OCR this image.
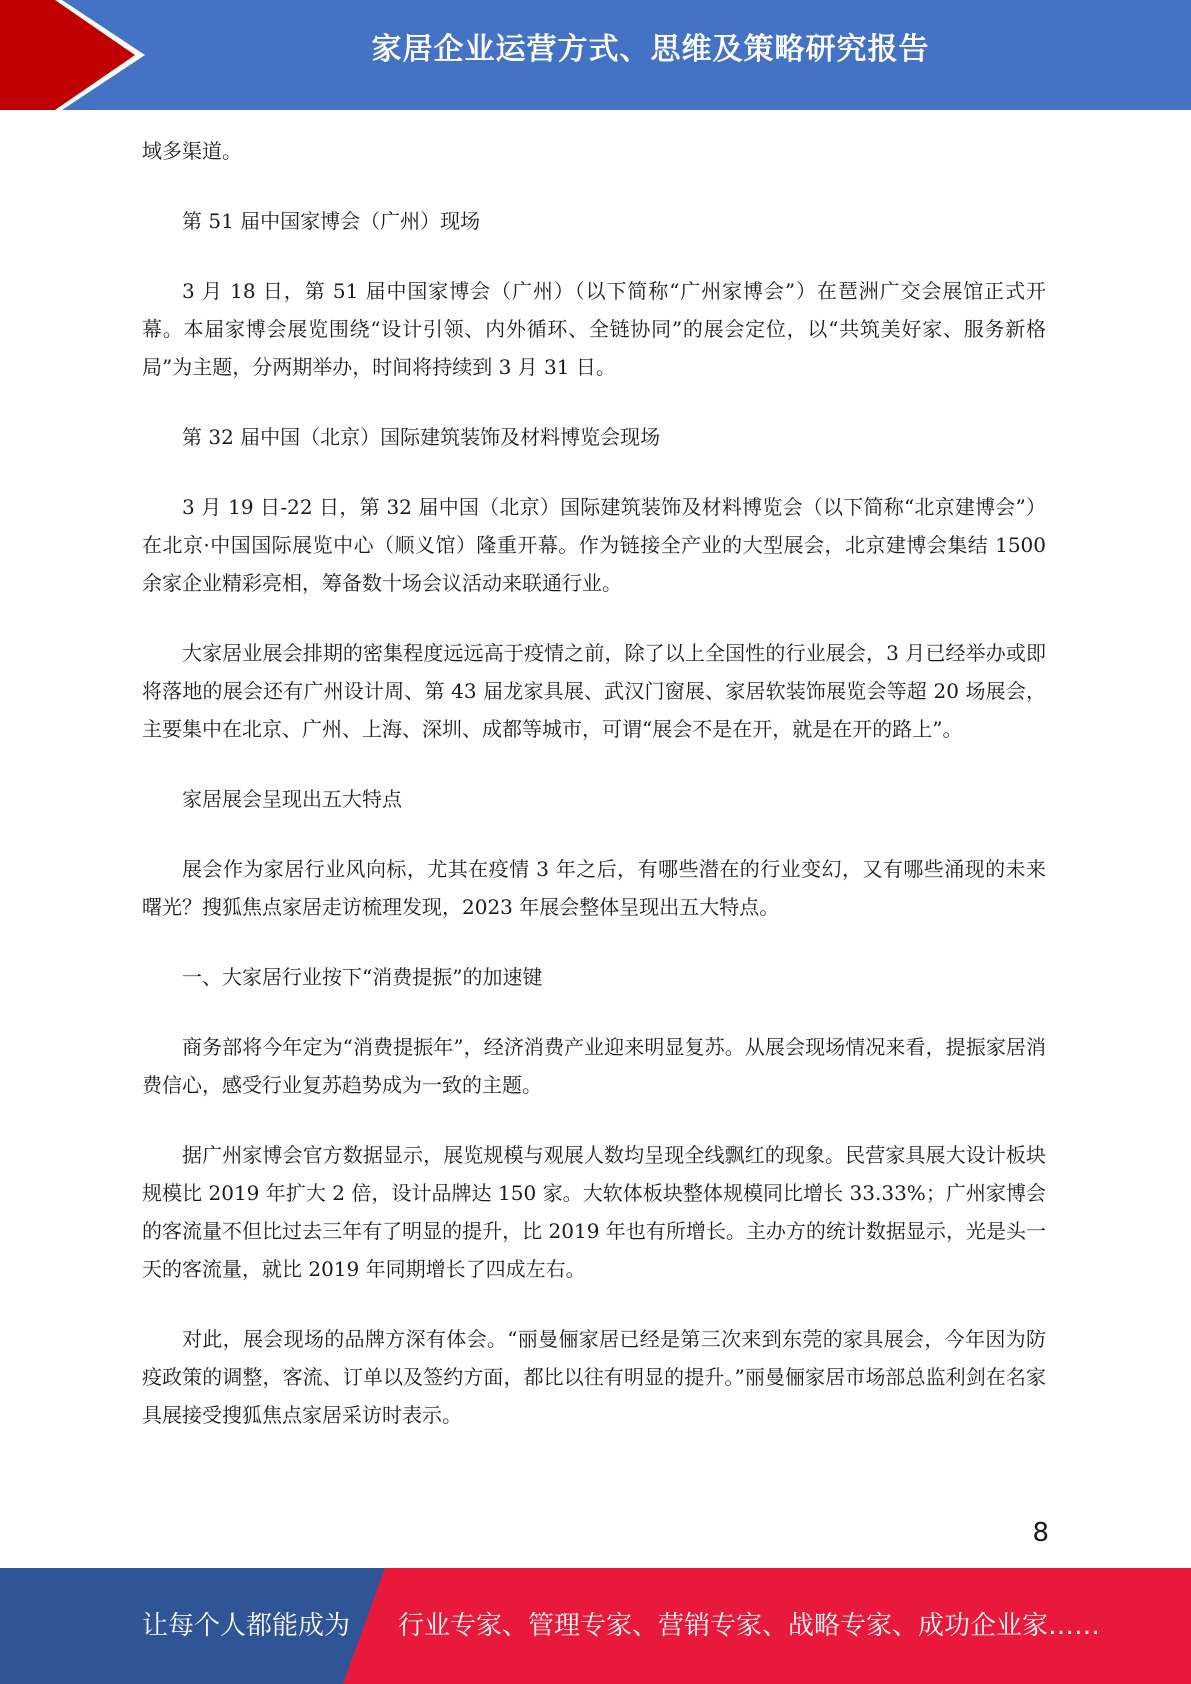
家居企业运营方式、思维及策略研究报告

域多渠道。

第 51 届中国家博会（广州）现场

3 月 18 日，第 51 届中国家博会（广州）（以下简称“广州家博会”）在琶洲广交会展馆正式开幕。本届家博会展览围绕“设计引领、内外循环、全链协同”的展会定位，以“共筑美好家、服务新格局”为主题，分两期举办，时间将持续到 3 月 31 日。

第 32 届中国（北京）国际建筑装饰及材料博览会现场

3 月 19 日-22 日，第 32 届中国（北京）国际建筑装饰及材料博览会（以下简称“北京建博会”）在北京·中国国际展览中心（顺义馆）隆重开幕。作为链接全产业的大型展会，北京建博会集结 1500 余家企业精彩亮相，筹备数十场会议活动来联通行业。

大家居业展会排期的密集程度远远高于疫情之前，除了以上全国性的行业展会，3 月已经举办或即将落地的展会还有广州设计周、第 43 届龙家具展、武汉门窗展、家居软装饰展览会等超 20 场展会，主要集中在北京、广州、上海、深圳、成都等城市，可谓“展会不是在开，就是在开的路上”。

家居展会呈现出五大特点

展会作为家居行业风向标，尤其在疫情 3 年之后，有哪些潜在的行业变幻，又有哪些涌现的未来曙光？搜狐焦点家居走访梳理发现，2023 年展会整体呈现出五大特点。

一、大家居行业按下“消费提振”的加速键

商务部将今年定为“消费提振年”，经济消费产业迎来明显复苏。从展会现场情况来看，提振家居消费信心，感受行业复苏趋势成为一致的主题。

据广州家博会官方数据显示，展览规模与观展人数均呈现全线飘红的现象。民营家具展大设计板块规模比 2019 年扩大 2 倍，设计品牌达 150 家。大软体板块整体规模同比增长 33.33%；广州家博会的客流量不但比过去三年有了明显的提升，比 2019 年也有所增长。主办方的统计数据显示，光是头一天的客流量，就比 2019 年同期增长了四成左右。

对此，展会现场的品牌方深有体会。“丽曼俪家居已经是第三次来到东莞的家具展会，今年因为防疫政策的调整，客流、订单以及签约方面，都比以往有明显的提升。”丽曼俪家居市场部总监利剑在名家具展接受搜狐焦点家居采访时表示。

8
让每个人都能成为 行业专家、管理专家、营销专家、战略专家、成功企业家……
